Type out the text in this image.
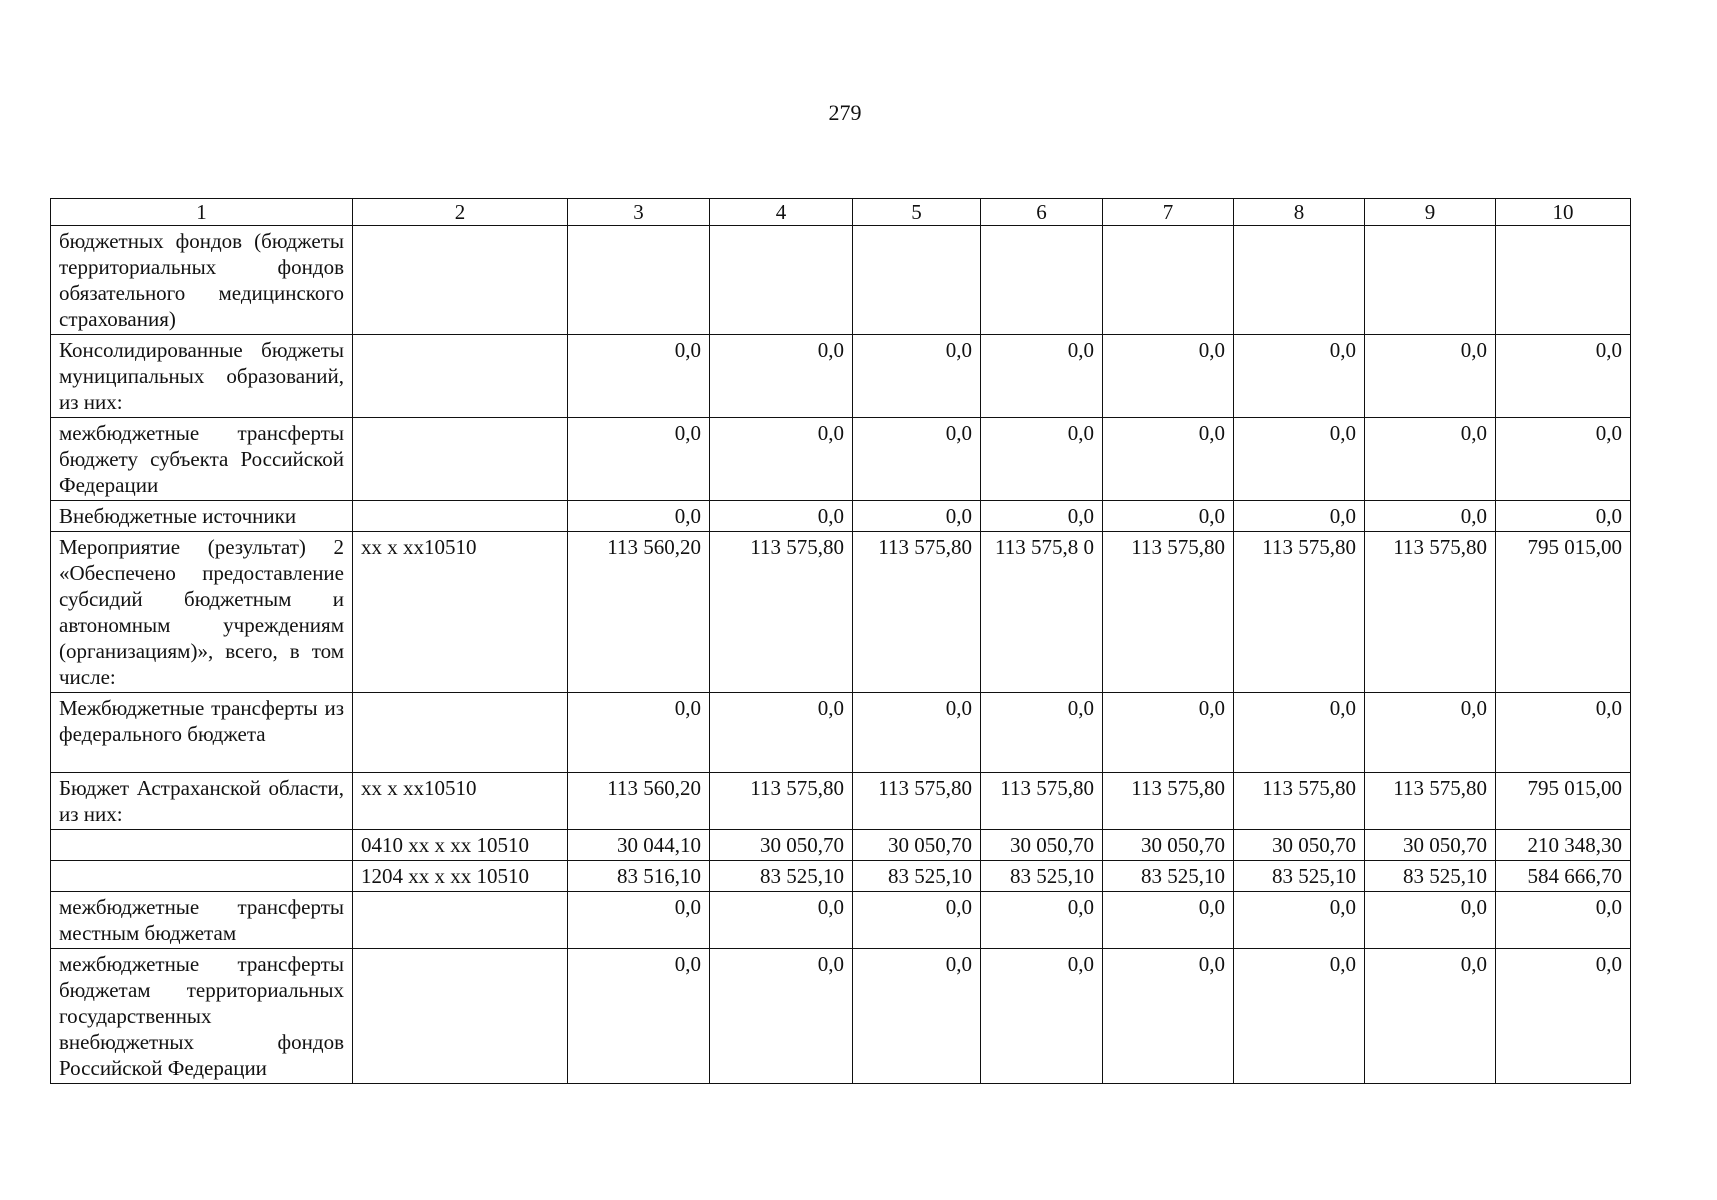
279
1	2	3	4	5	6	7	8	9	10
бюджетных фондов (бюджеты территориальных фондов обязательного медицинского страхования)									
Консолидированные бюджеты муниципальных образований, из них:		0,0	0,0	0,0	0,0	0,0	0,0	0,0	0,0
межбюджетные трансферты бюджету субъекта Российской Федерации		0,0	0,0	0,0	0,0	0,0	0,0	0,0	0,0
Внебюджетные источники		0,0	0,0	0,0	0,0	0,0	0,0	0,0	0,0
Мероприятие (результат) 2 «Обеспечено предоставление субсидий бюджетным и автономным учреждениям (организациям)», всего, в том числе:	xx x xx10510	113 560,20	113 575,80	113 575,80	113 575,8 0	113 575,80	113 575,80	113 575,80	795 015,00
Межбюджетные трансферты из федерального бюджета		0,0	0,0	0,0	0,0	0,0	0,0	0,0	0,0
Бюджет Астраханской области, из них:	xx x xx10510	113 560,20	113 575,80	113 575,80	113 575,80	113 575,80	113 575,80	113 575,80	795 015,00
	0410 xx x xx 10510	30 044,10	30 050,70	30 050,70	30 050,70	30 050,70	30 050,70	30 050,70	210 348,30
	1204 xx x xx 10510	83 516,10	83 525,10	83 525,10	83 525,10	83 525,10	83 525,10	83 525,10	584 666,70
межбюджетные трансферты местным бюджетам		0,0	0,0	0,0	0,0	0,0	0,0	0,0	0,0
межбюджетные трансферты бюджетам территориальных государственных внебюджетных фондов Российской Федерации		0,0	0,0	0,0	0,0	0,0	0,0	0,0	0,0
